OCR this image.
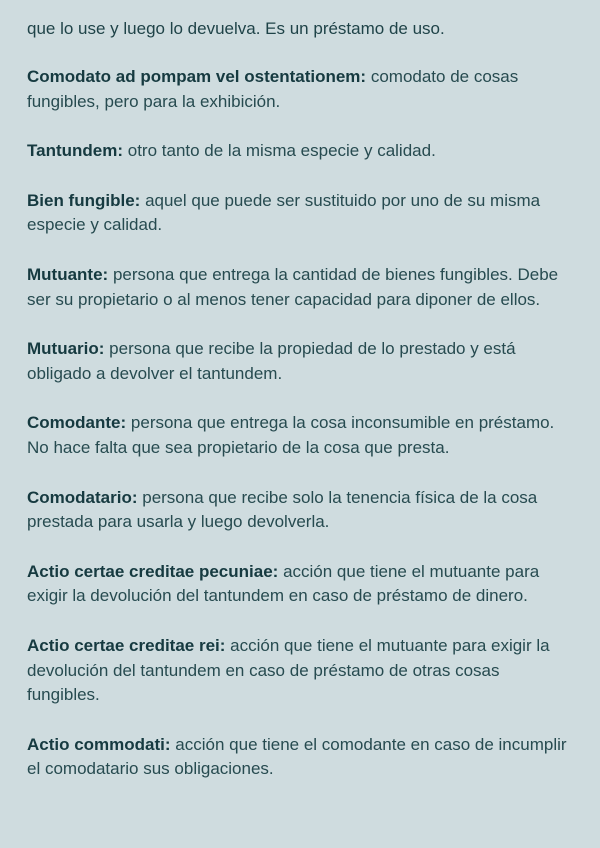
que lo use y luego lo devuelva. Es un préstamo de uso.

Comodato ad pompam vel ostentationem: comodato de cosas fungibles, pero para la exhibición.

Tantundem: otro tanto de la misma especie y calidad.

Bien fungible: aquel que puede ser sustituido por uno de su misma especie y calidad.

Mutuante: persona que entrega la cantidad de bienes fungibles. Debe ser su propietario o al menos tener capacidad para diponer de ellos.

Mutuario: persona que recibe la propiedad de lo prestado y está obligado a devolver el tantundem.

Comodante: persona que entrega la cosa inconsumible en préstamo. No hace falta que sea propietario de la cosa que presta.

Comodatario: persona que recibe solo la tenencia física de la cosa prestada para usarla y luego devolverla.

Actio certae creditae pecuniae: acción que tiene el mutuante para exigir la devolución del tantundem en caso de préstamo de dinero.

Actio certae creditae rei: acción que tiene el mutuante para exigir la devolución del tantundem en caso de préstamo de otras cosas fungibles.

Actio commodati: acción que tiene el comodante en caso de incumplir el comodatario sus obligaciones.
